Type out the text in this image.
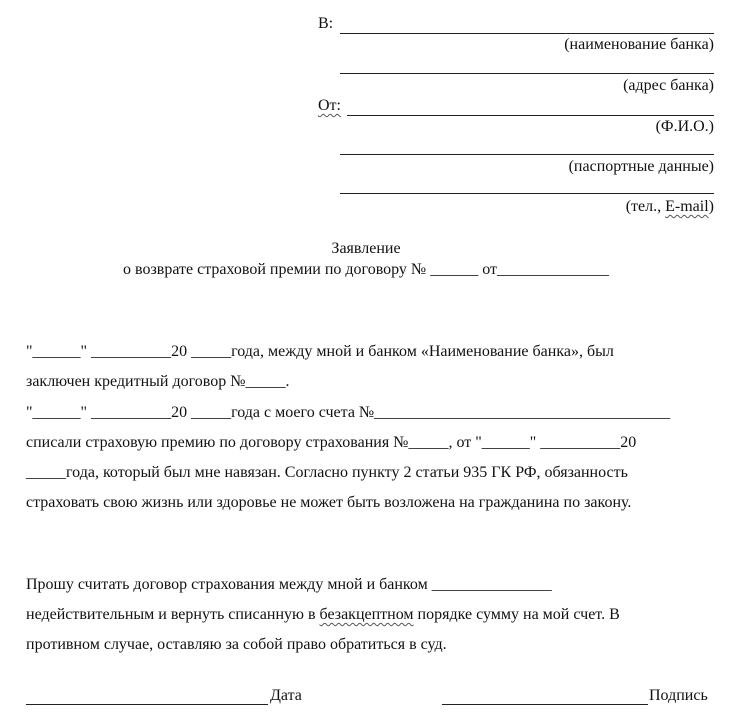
В:
(наименование банка)
(адрес банка)
От:
(Ф.И.О.)
(паспортные данные)
(тел., E-mail)
Заявление
о возврате страховой премии по договору № ______ от______________
"______" __________20 _____года, между мной и банком «Наименование банка», был
заключен кредитный договор №_____.
"______" __________20 _____года с моего счета №_____________________________________
списали страховую премию по договору страхования №_____, от "______" __________20
_____года, который был мне навязан. Согласно пункту 2 статьи 935 ГК РФ, обязанность
страховать свою жизнь или здоровье не может быть возложена на гражданина по закону.
Прошу считать договор страхования между мной и банком _______________
недействительным и вернуть списанную в безакцептном порядке сумму на мой счет. В
противном случае, оставляю за собой право обратиться в суд.
Дата	Подпись
